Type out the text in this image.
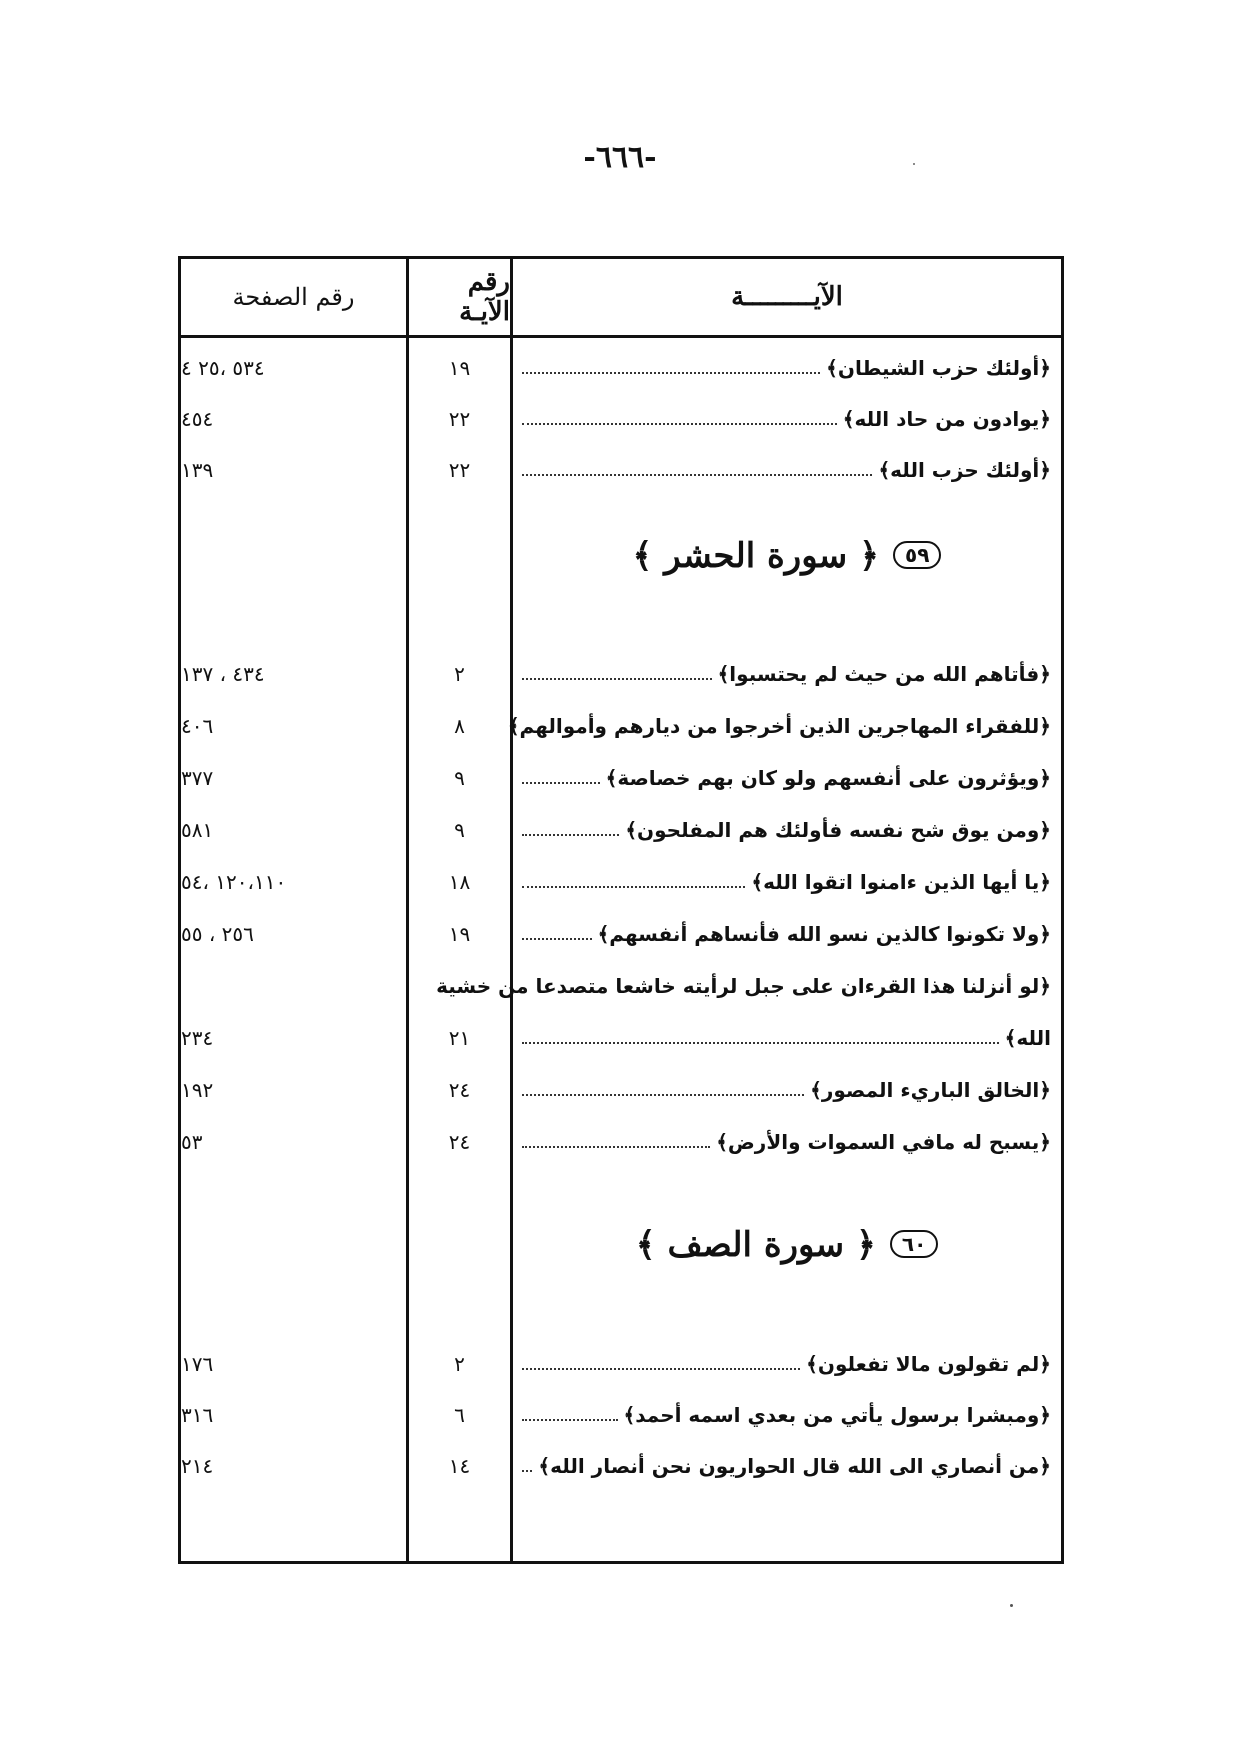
-٦٦٦-
رقم الصفحة	رقم الآيـة	الآيـــــــــة
﴿أولئك حزب الشيطان﴾
١٩
٥٣٤ ،٢٥ ٤
﴿يوادون من حاد الله﴾
٢٢
٤٥٤
﴿أولئك حزب الله﴾
٢٢
١٣٩
٥٩
﴿ سورة الحشر ﴾
﴿فأتاهم الله من حيث لم يحتسبوا﴾
٢
٤٣٤ ، ١٣٧
﴿للفقراء المهاجرين الذين أخرجوا من ديارهم وأموالهم﴾
٨
٤٠٦
﴿ويؤثرون على أنفسهم ولو كان بهم خصاصة﴾
٩
٣٧٧
﴿ومن يوق شح نفسه فأولئك هم المفلحون﴾
٩
٥٨١
﴿يا أيها الذين ءامنوا اتقوا الله﴾
١٨
١٢٠،١١٠ ،٥٤
﴿ولا تكونوا كالذين نسو الله فأنساهم أنفسهم﴾
١٩
٢٥٦ ، ٥٥
﴿لو أنزلنا هذا القرءان على جبل لرأيته خاشعا متصدعا من خشية
الله﴾
٢١
٢٣٤
﴿الخالق الباريء المصور﴾
٢٤
١٩٢
﴿يسبح له مافي السموات والأرض﴾
٢٤
٥٣
٦٠
﴿ سورة الصف ﴾
﴿لم تقولون مالا تفعلون﴾
٢
١٧٦
﴿ومبشرا برسول يأتي من بعدي اسمه أحمد﴾
٦
٣١٦
﴿من أنصاري الى الله قال الحواريون نحن أنصار الله﴾
١٤
٢١٤
